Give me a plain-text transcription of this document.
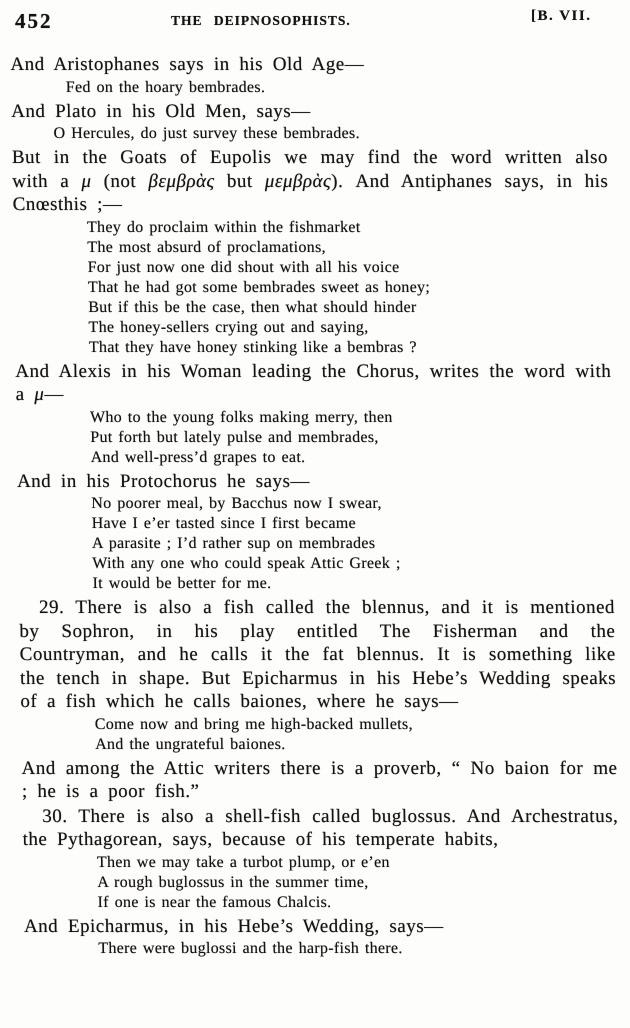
452	THE DEIPNOSOPHISTS.	[B. VII.

And Aristophanes says in his Old Age—

Fed on the hoary bembrades.

And Plato in his Old Men, says—

O Hercules, do just survey these bembrades.

But in the Goats of Eupolis we may find the word written also with a μ (not βεμβρὰς but μεμβρὰς). And Antiphanes says, in his Cnœsthis ;—

They do proclaim within the fishmarket
The most absurd of proclamations,
For just now one did shout with all his voice
That he had got some bembrades sweet as honey;
But if this be the case, then what should hinder
The honey-sellers crying out and saying,
That they have honey stinking like a bembras ?

And Alexis in his Woman leading the Chorus, writes the word with a μ—

Who to the young folks making merry, then
Put forth but lately pulse and membrades,
And well-press’d grapes to eat.

And in his Protochorus he says—

No poorer meal, by Bacchus now I swear,
Have I e’er tasted since I first became
A parasite ; I’d rather sup on membrades
With any one who could speak Attic Greek ;
It would be better for me.

29. There is also a fish called the blennus, and it is mentioned by Sophron, in his play entitled The Fisherman and the Countryman, and he calls it the fat blennus. It is something like the tench in shape. But Epicharmus in his Hebe’s Wedding speaks of a fish which he calls baiones, where he says—

Come now and bring me high-backed mullets,
And the ungrateful baiones.

And among the Attic writers there is a proverb, “ No baion for me ; he is a poor fish.”

30. There is also a shell-fish called buglossus. And Archestratus, the Pythagorean, says, because of his temperate habits,

Then we may take a turbot plump, or e’en
A rough buglossus in the summer time,
If one is near the famous Chalcis.

And Epicharmus, in his Hebe’s Wedding, says—

There were buglossi and the harp-fish there.
